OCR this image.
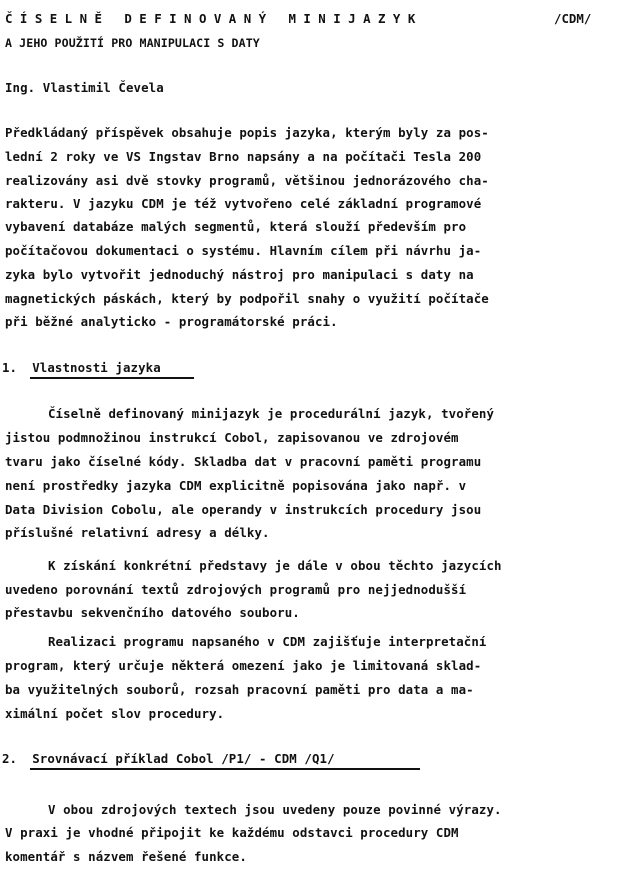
Č Í S E L N Ě   D E F I N O V A N Ý   M I N I J A Z Y K	/CDM/
A JEHO POUŽITÍ PRO MANIPULACI S DATY
Ing. Vlastimil Čevela
Předkládaný příspěvek obsahuje popis jazyka, kterým byly za pos-
lední 2 roky ve VS Ingstav Brno napsány a na počítači Tesla 200
realizovány asi dvě stovky programů, většinou jednorázového cha-
rakteru. V jazyku CDM je též vytvořeno celé základní programové
vybavení databáze malých segmentů, která slouží především pro
počítačovou dokumentaci o systému. Hlavním cílem při návrhu ja-
zyka bylo vytvořit jednoduchý nástroj pro manipulaci s daty na
magnetických páskách, který by podpořil snahy o využití počítače
při běžné analyticko - programátorské práci.
1. Vlastnosti jazyka
Číselně definovaný minijazyk je procedurální jazyk, tvořený
jistou podmnožinou instrukcí Cobol, zapisovanou ve zdrojovém
tvaru jako číselné kódy. Skladba dat v pracovní paměti programu
není prostředky jazyka CDM explicitně popisována jako např. v
Data Division Cobolu, ale operandy v instrukcích procedury jsou
příslušné relativní adresy a délky.
K získání konkrétní představy je dále v obou těchto jazycích
uvedeno porovnání textů zdrojových programů pro nejjednodušší
přestavbu sekvenčního datového souboru.
Realizaci programu napsaného v CDM zajišťuje interpretační
program, který určuje některá omezení jako je limitovaná sklad-
ba využitelných souborů, rozsah pracovní paměti pro data a ma-
ximální počet slov procedury.
2. Srovnávací příklad Cobol /P1/ - CDM /Q1/
V obou zdrojových textech jsou uvedeny pouze povinné výrazy.
V praxi je vhodné připojit ke každému odstavci procedury CDM
komentář s názvem řešené funkce.
